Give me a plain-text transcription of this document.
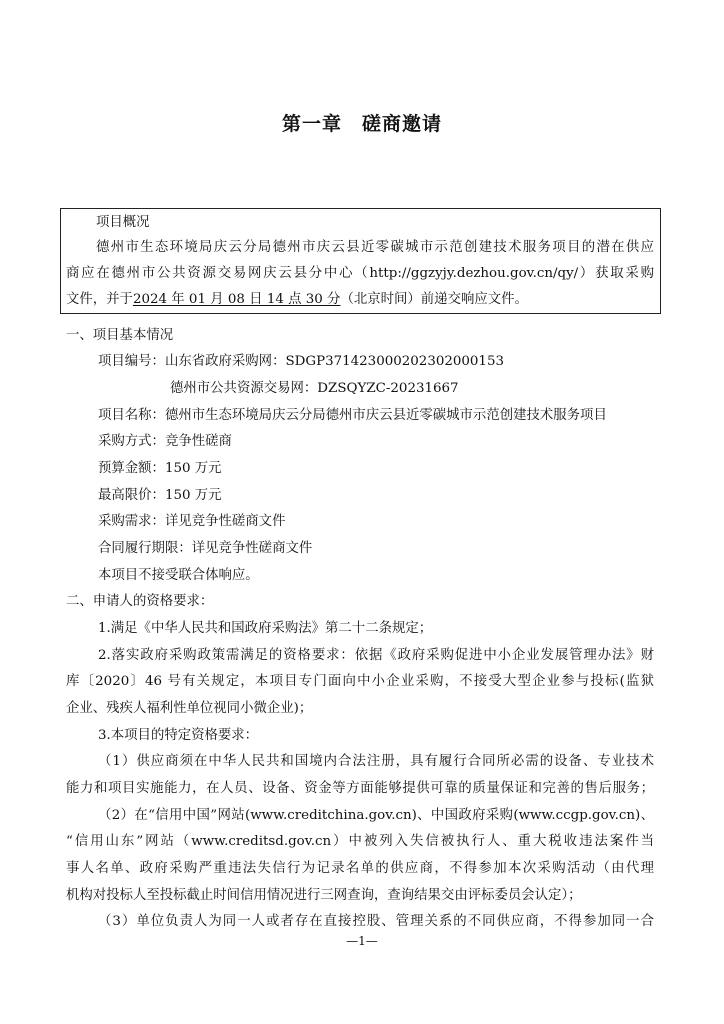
第一章 磋商邀请
项目概况
德州市生态环境局庆云分局德州市庆云县近零碳城市示范创建技术服务项目的潜在供应
商应在德州市公共资源交易网庆云县分中心（http://ggzyjy.dezhou.gov.cn/qy/）获取采购
文件，并于2024 年 01 月 08 日 14 点 30 分（北京时间）前递交响应文件。
一、项目基本情况
项目编号：山东省政府采购网：SDGP371423000202302000153
德州市公共资源交易网：DZSQYZC-20231667
项目名称：德州市生态环境局庆云分局德州市庆云县近零碳城市示范创建技术服务项目
采购方式：竞争性磋商
预算金额：150 万元
最高限价：150 万元
采购需求：详见竞争性磋商文件
合同履行期限：详见竞争性磋商文件
本项目不接受联合体响应。
二、申请人的资格要求：
1.满足《中华人民共和国政府采购法》第二十二条规定；
2.落实政府采购政策需满足的资格要求：依据《政府采购促进中小企业发展管理办法》财
库〔2020〕46 号有关规定，本项目专门面向中小企业采购，不接受大型企业参与投标(监狱
企业、残疾人福利性单位视同小微企业)；
3.本项目的特定资格要求：
（1）供应商须在中华人民共和国境内合法注册，具有履行合同所必需的设备、专业技术
能力和项目实施能力，在人员、设备、资金等方面能够提供可靠的质量保证和完善的售后服务；
（2）在“信用中国”网站(www.creditchina.gov.cn)、中国政府采购(www.ccgp.gov.cn)、
“信用山东”网站（www.creditsd.gov.cn）中被列入失信被执行人、重大税收违法案件当
事人名单、政府采购严重违法失信行为记录名单的供应商，不得参加本次采购活动（由代理
机构对投标人至投标截止时间信用情况进行三网查询，查询结果交由评标委员会认定）；
（3）单位负责人为同一人或者存在直接控股、管理关系的不同供应商，不得参加同一合
—1—
